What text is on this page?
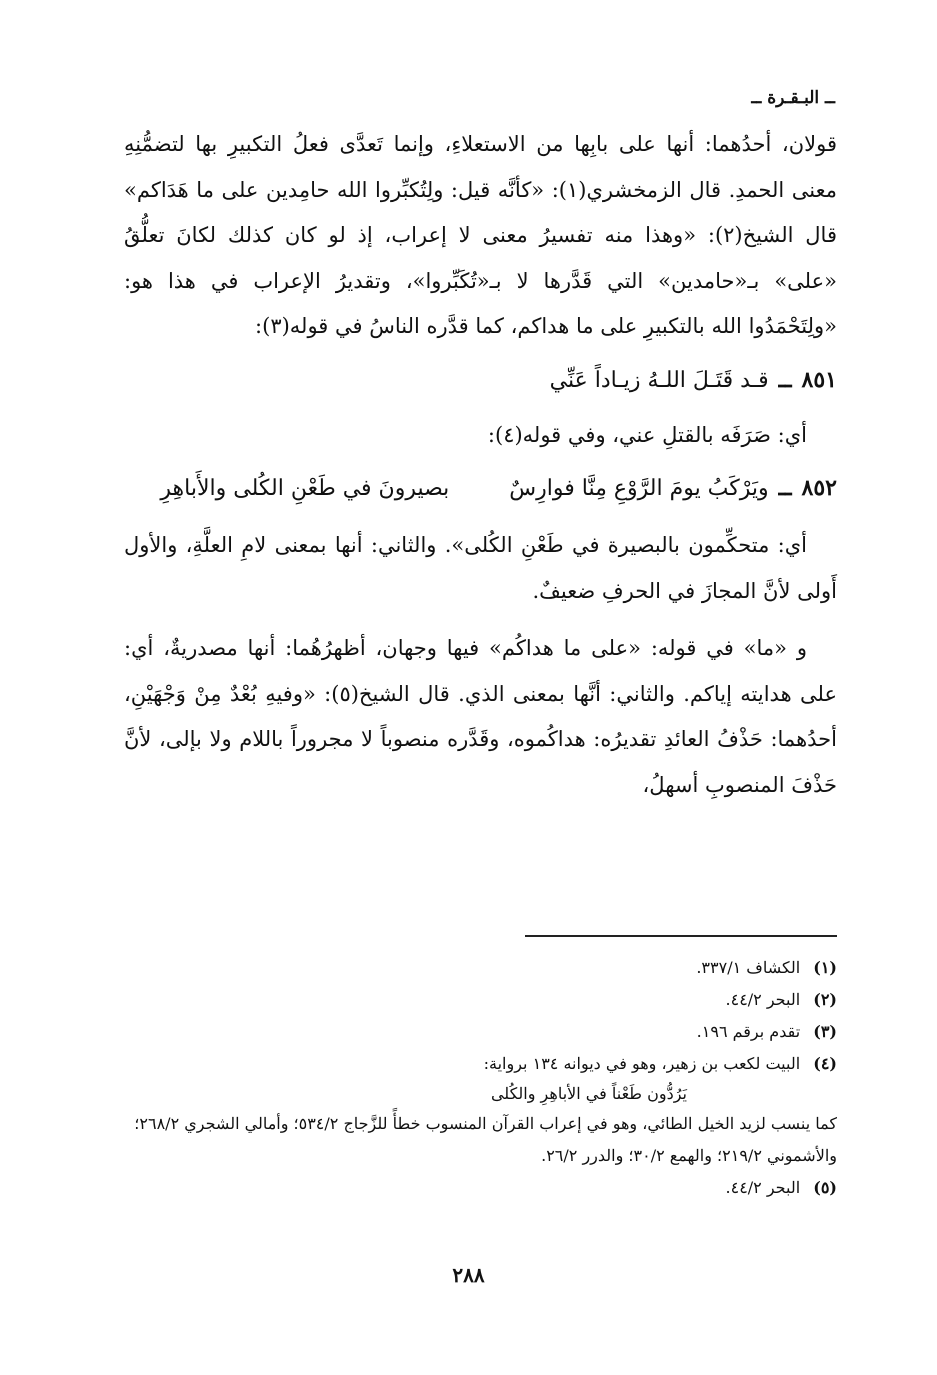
ــ البـقـرة ــ

قولان، أحدُهما: أنها على بابِها من الاستعلاءِ، وإنما تَعدَّى فعلُ التكبيرِ بها لتضمُّنِهِ معنى الحمدِ. قال الزمخشري(١): «كأنَّه قيل: ولِتُكبِّروا الله حامِدين على ما هَدَاكم» قال الشيخ(٢): «وهذا منه تفسيرُ معنى لا إعراب، إذ لو كان كذلك لكانَ تعلُّقُ «على» بـ«حامدين» التي قَدَّرها لا بـ«تُكَبِّروا»، وتقديرُ الإعراب في هذا هو: «ولِتَحْمَدُوا الله بالتكبيرِ على ما هداكم، كما قدَّره الناسُ في قوله(٣):

٨٥١
ــ
قـد قَتَـلَ اللـهُ زيـاداً عَنِّي

أي: صَرَفَه بالقتلِ عني، وفي قوله(٤):

٨٥٢
ــ
ويَرْكَبُ يومَ الرَّوْعِ مِنَّا فوارِسٌ
بصيرونَ في طَعْنِ الكُلى والأَباهِرِ

أي: متحكِّمون بالبصيرة في طَعْنِ الكُلى». والثاني: أنها بمعنى لامِ العلَّةِ، والأول أَولى لأنَّ المجازَ في الحرفِ ضعيفٌ.

و «ما» في قوله: «على ما هداكُم» فيها وجهان، أظهرُهُما: أنها مصدريةٌ، أي: على هدايته إياكم. والثاني: أنَّها بمعنى الذي. قال الشيخ(٥): «وفيهِ بُعْدٌ مِنْ وَجْهَيْنِ، أحدُهما: حَذْفُ العائدِ تقديرُه: هداكُموه، وقَدَّره منصوباً لا مجروراً باللام ولا بإلى، لأنَّ حَذْفَ المنصوبِ أسهلُ،

(١) الكشاف ٣٣٧/١.

(٢) البحر ٤٤/٢.

(٣) تقدم برقم ١٩٦.

(٤) البيت لكعب بن زهير، وهو في ديوانه ١٣٤ برواية:

يَرُدُّون طَعْناً في الأباهِرِ والكُلى

كما ينسب لزيد الخيل الطائي، وهو في إعراب القرآن المنسوب خطأً للزَّجاج ٥٣٤/٢؛ وأمالي الشجري ٢٦٨/٢؛ والأشموني ٢١٩/٢؛ والهمع ٣٠/٢؛ والدرر ٢٦/٢.

(٥) البحر ٤٤/٢.

٢٨٨
